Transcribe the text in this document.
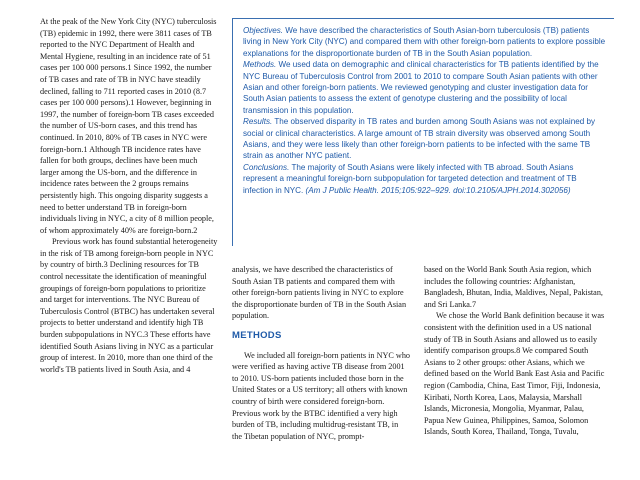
At the peak of the New York City (NYC) tuberculosis (TB) epidemic in 1992, there were 3811 cases of TB reported to the NYC Department of Health and Mental Hygiene, resulting in an incidence rate of 51 cases per 100 000 persons.1 Since 1992, the number of TB cases and rate of TB in NYC have steadily declined, falling to 711 reported cases in 2010 (8.7 cases per 100 000 persons).1 However, beginning in 1997, the number of foreign-born TB cases exceeded the number of US-born cases, and this trend has continued. In 2010, 80% of TB cases in NYC were foreign-born.1 Although TB incidence rates have fallen for both groups, declines have been much larger among the US-born, and the difference in incidence rates between the 2 groups remains persistently high. This ongoing disparity suggests a need to better understand TB in foreign-born individuals living in NYC, a city of 8 million people, of whom approximately 40% are foreign-born.2

Previous work has found substantial heterogeneity in the risk of TB among foreign-born people in NYC by country of birth.3 Declining resources for TB control necessitate the identification of meaningful groupings of foreign-born populations to prioritize and target for interventions. The NYC Bureau of Tuberculosis Control (BTBC) has undertaken several projects to better understand and identify high TB burden subpopulations in NYC.3 These efforts have identified South Asians living in NYC as a particular group of interest. In 2010, more than one third of the world's TB patients lived in South Asia, and 4

Objectives. We have described the characteristics of South Asian-born tuberculosis (TB) patients living in New York City (NYC) and compared them with other foreign-born patients to explore possible explanations for the disproportionate burden of TB in the South Asian population.
Methods. We used data on demographic and clinical characteristics for TB patients identified by the NYC Bureau of Tuberculosis Control from 2001 to 2010 to compare South Asian patients with other Asian and other foreign-born patients. We reviewed genotyping and cluster investigation data for South Asian patients to assess the extent of genotype clustering and the possibility of local transmission in this population.
Results. The observed disparity in TB rates and burden among South Asians was not explained by social or clinical characteristics. A large amount of TB strain diversity was observed among South Asians, and they were less likely than other foreign-born patients to be infected with the same TB strain as another NYC patient.
Conclusions. The majority of South Asians were likely infected with TB abroad. South Asians represent a meaningful foreign-born subpopulation for targeted detection and treatment of TB infection in NYC. (Am J Public Health. 2015;105:922–929. doi:10.2105/AJPH.2014.302056)

analysis, we have described the characteristics of South Asian TB patients and compared them with other foreign-born patients living in NYC to explore the disproportionate burden of TB in the South Asian population.

METHODS

We included all foreign-born patients in NYC who were verified as having active TB disease from 2001 to 2010. US-born patients included those born in the United States or a US territory; all others with known country of birth were considered foreign-born. Previous work by the BTBC identified a very high burden of TB, including multidrug-resistant TB, in the Tibetan population of NYC, prompt-

based on the World Bank South Asia region, which includes the following countries: Afghanistan, Bangladesh, Bhutan, India, Maldives, Nepal, Pakistan, and Sri Lanka.7

We chose the World Bank definition because it was consistent with the definition used in a US national study of TB in South Asians and allowed us to easily identify comparison groups.8 We compared South Asians to 2 other groups: other Asians, which we defined based on the World Bank East Asia and Pacific region (Cambodia, China, East Timor, Fiji, Indonesia, Kiribati, North Korea, Laos, Malaysia, Marshall Islands, Micronesia, Mongolia, Myanmar, Palau, Papua New Guinea, Philippines, Samoa, Solomon Islands, South Korea, Thailand, Tonga, Tuvalu,
